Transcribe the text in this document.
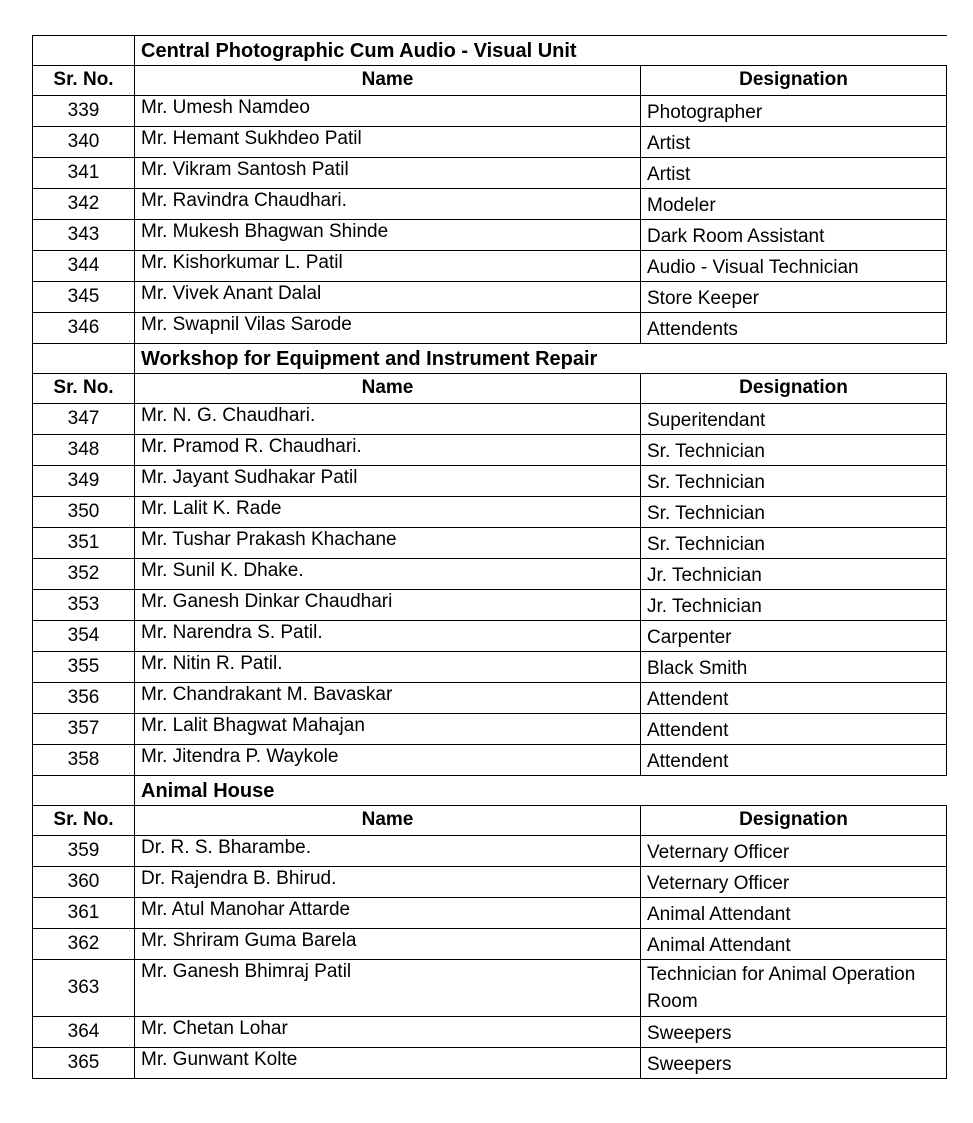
	Central Photographic Cum Audio - Visual Unit	
Sr. No.	Name	Designation
339	Mr. Umesh Namdeo	Photographer
340	Mr. Hemant Sukhdeo Patil	Artist
341	Mr. Vikram Santosh Patil	Artist
342	Mr. Ravindra Chaudhari.	Modeler
343	Mr. Mukesh Bhagwan Shinde	Dark Room Assistant
344	Mr. Kishorkumar L. Patil	Audio - Visual Technician
345	Mr. Vivek Anant Dalal	Store Keeper
346	Mr. Swapnil Vilas Sarode	Attendents
	Workshop for Equipment and Instrument Repair	
Sr. No.	Name	Designation
347	Mr. N. G. Chaudhari.	Superitendant
348	Mr. Pramod R. Chaudhari.	Sr. Technician
349	Mr. Jayant Sudhakar Patil	Sr. Technician
350	Mr. Lalit K. Rade	Sr. Technician
351	Mr. Tushar Prakash Khachane	Sr. Technician
352	Mr. Sunil K. Dhake.	Jr. Technician
353	Mr. Ganesh Dinkar Chaudhari	Jr. Technician
354	Mr. Narendra S. Patil.	Carpenter
355	Mr. Nitin R. Patil.	Black Smith
356	Mr. Chandrakant M. Bavaskar	Attendent
357	Mr. Lalit Bhagwat Mahajan	Attendent
358	Mr. Jitendra P. Waykole	Attendent
	Animal House	
Sr. No.	Name	Designation
359	Dr. R. S. Bharambe.	Veternary Officer
360	Dr. Rajendra B. Bhirud.	Veternary Officer
361	Mr. Atul Manohar Attarde	Animal Attendant
362	Mr. Shriram Guma Barela	Animal Attendant
363	Mr. Ganesh Bhimraj Patil	Technician for Animal Operation Room
364	Mr. Chetan Lohar	Sweepers
365	Mr. Gunwant Kolte	Sweepers
